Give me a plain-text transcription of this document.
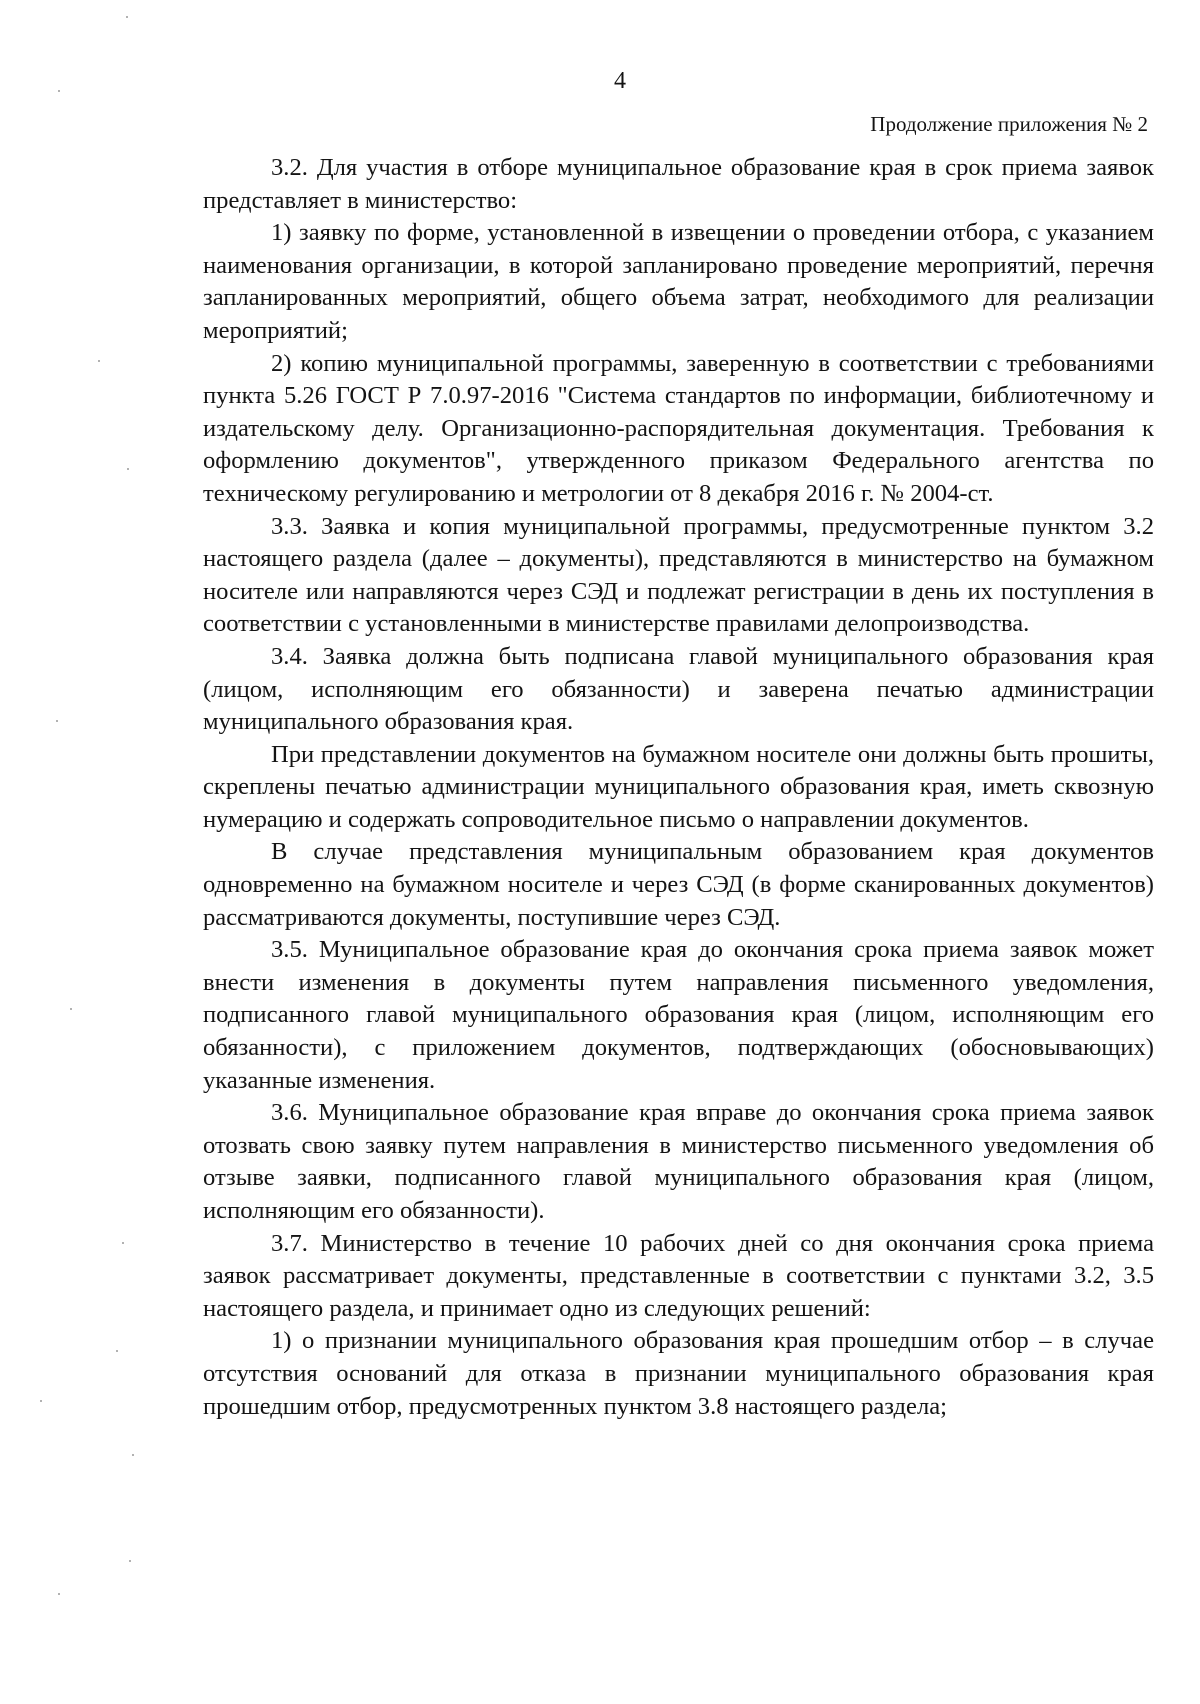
4
Продолжение приложения № 2

3.2. Для участия в отборе муниципальное образование края в срок приема заявок представляет в министерство:

1) заявку по форме, установленной в извещении о проведении отбора, с указанием наименования организации, в которой запланировано проведение мероприятий, перечня запланированных мероприятий, общего объема затрат, необходимого для реализации мероприятий;

2) копию муниципальной программы, заверенную в соответствии с требованиями пункта 5.26 ГОСТ Р 7.0.97-2016 "Система стандартов по информации, библиотечному и издательскому делу. Организационно-распорядительная документация. Требования к оформлению документов", утвержденного приказом Федерального агентства по техническому регулированию и метрологии от 8 декабря 2016 г. № 2004-ст.

3.3. Заявка и копия муниципальной программы, предусмотренные пунктом 3.2 настоящего раздела (далее – документы), представляются в министерство на бумажном носителе или направляются через СЭД и подлежат регистрации в день их поступления в соответствии с установленными в министерстве правилами делопроизводства.

3.4. Заявка должна быть подписана главой муниципального образования края (лицом, исполняющим его обязанности) и заверена печатью администрации муниципального образования края.

При представлении документов на бумажном носителе они должны быть прошиты, скреплены печатью администрации муниципального образования края, иметь сквозную нумерацию и содержать сопроводительное письмо о направлении документов.

В случае представления муниципальным образованием края документов одновременно на бумажном носителе и через СЭД (в форме сканированных документов) рассматриваются документы, поступившие через СЭД.

3.5. Муниципальное образование края до окончания срока приема заявок может внести изменения в документы путем направления письменного уведомления, подписанного главой муниципального образования края (лицом, исполняющим его обязанности), с приложением документов, подтверждающих (обосновывающих) указанные изменения.

3.6. Муниципальное образование края вправе до окончания срока приема заявок отозвать свою заявку путем направления в министерство письменного уведомления об отзыве заявки, подписанного главой муниципального образования края (лицом, исполняющим его обязанности).

3.7. Министерство в течение 10 рабочих дней со дня окончания срока приема заявок рассматривает документы, представленные в соответствии с пунктами 3.2, 3.5 настоящего раздела, и принимает одно из следующих решений:

1) о признании муниципального образования края прошедшим отбор – в случае отсутствия оснований для отказа в признании муниципального образования края прошедшим отбор, предусмотренных пунктом 3.8 настоящего раздела;
